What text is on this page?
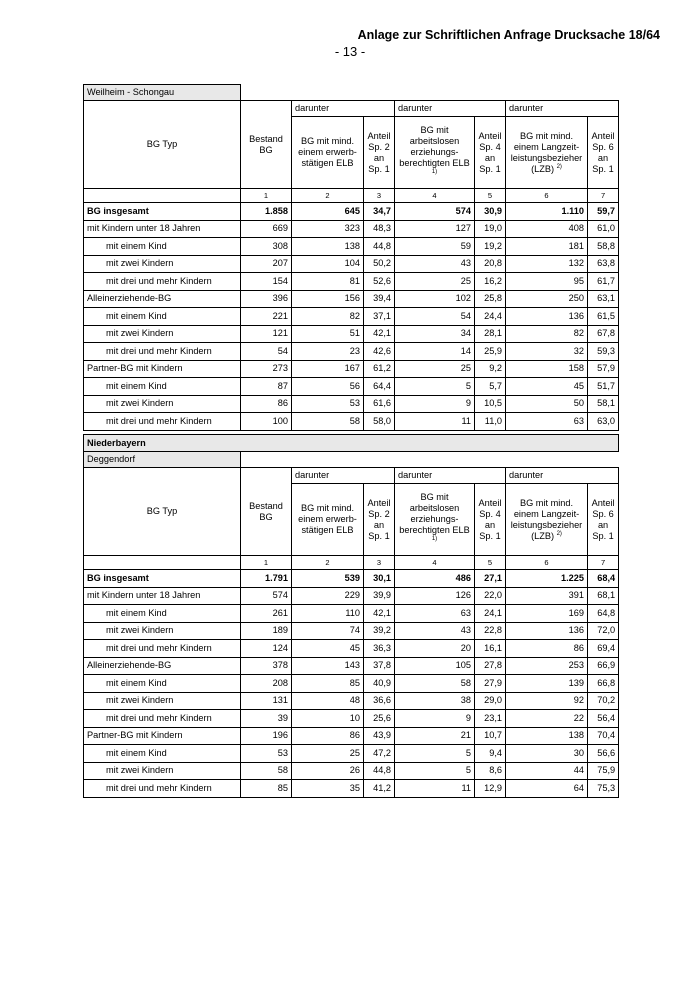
Anlage zur Schriftlichen Anfrage Drucksache 18/64
- 13 -
Weilheim - Schongau							
BG Typ	Bestand BG	darunter		darunter		darunter	
		BG mit mind. einem erwerb-stätigen ELB	Anteil Sp. 2 an Sp. 1	BG mit arbeitslosen erziehungs-berechtigten ELB $^{1)}$	Anteil Sp. 4 an Sp. 1	BG mit mind. einem Langzeit-leistungsbezieher (LZB) $^{2)}$	Anteil Sp. 6 an Sp. 1
	1	2	3	4	5	6	7
BG insgesamt	1.858	645	34,7	574	30,9	1.110	59,7
mit Kindern unter 18 Jahren	669	323	48,3	127	19,0	408	61,0
mit einem Kind	308	138	44,8	59	19,2	181	58,8
mit zwei Kindern	207	104	50,2	43	20,8	132	63,8
mit drei und mehr Kindern	154	81	52,6	25	16,2	95	61,7
Alleinerziehende-BG	396	156	39,4	102	25,8	250	63,1
mit einem Kind	221	82	37,1	54	24,4	136	61,5
mit zwei Kindern	121	51	42,1	34	28,1	82	67,8
mit drei und mehr Kindern	54	23	42,6	14	25,9	32	59,3
Partner-BG mit Kindern	273	167	61,2	25	9,2	158	57,9
mit einem Kind	87	56	64,4	5	5,7	45	51,7
mit zwei Kindern	86	53	61,6	9	10,5	50	58,1
mit drei und mehr Kindern	100	58	58,0	11	11,0	63	63,0
Niederbayern							
Deggendorf							
BG Typ	Bestand BG	darunter		darunter		darunter	
		BG mit mind. einem erwerb-stätigen ELB	Anteil Sp. 2 an Sp. 1	BG mit arbeitslosen erziehungs-berechtigten ELB $^{1)}$	Anteil Sp. 4 an Sp. 1	BG mit mind. einem Langzeit-leistungsbezieher (LZB) $^{2)}$	Anteil Sp. 6 an Sp. 1
	1	2	3	4	5	6	7
BG insgesamt	1.791	539	30,1	486	27,1	1.225	68,4
mit Kindern unter 18 Jahren	574	229	39,9	126	22,0	391	68,1
mit einem Kind	261	110	42,1	63	24,1	169	64,8
mit zwei Kindern	189	74	39,2	43	22,8	136	72,0
mit drei und mehr Kindern	124	45	36,3	20	16,1	86	69,4
Alleinerziehende-BG	378	143	37,8	105	27,8	253	66,9
mit einem Kind	208	85	40,9	58	27,9	139	66,8
mit zwei Kindern	131	48	36,6	38	29,0	92	70,2
mit drei und mehr Kindern	39	10	25,6	9	23,1	22	56,4
Partner-BG mit Kindern	196	86	43,9	21	10,7	138	70,4
mit einem Kind	53	25	47,2	5	9,4	30	56,6
mit zwei Kindern	58	26	44,8	5	8,6	44	75,9
mit drei und mehr Kindern	85	35	41,2	11	12,9	64	75,3
